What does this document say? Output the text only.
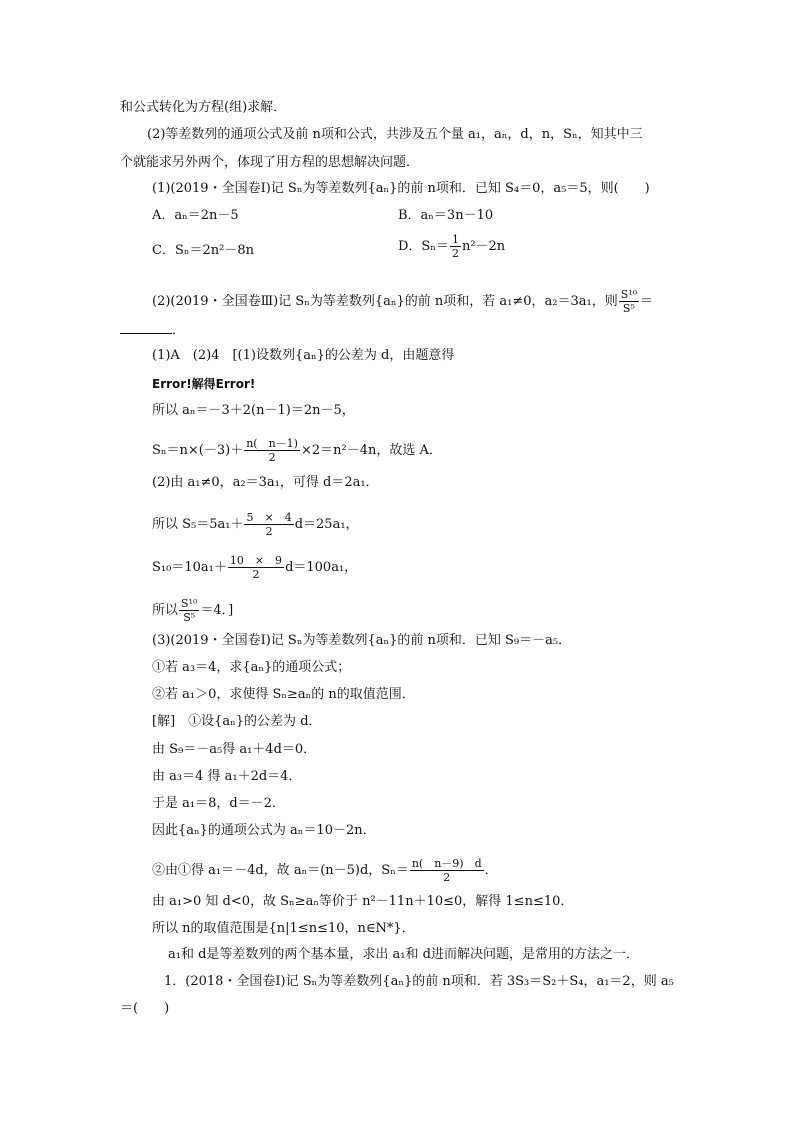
和公式转化为方程(组)求解．
(2)等差数列的通项公式及前 n项和公式，共涉及五个量 a₁，aₙ，d，n，Sₙ，知其中三
个就能求另外两个，体现了用方程的思想解决问题．
(1)(2019・全国卷Ⅰ)记 Sₙ为等差数列{aₙ}的前 n项和．已知 S₄＝0，a₅＝5，则(　　)
A．aₙ＝2n－5	B．aₙ＝3n－10
C．Sₙ＝2n²－8n	D．$S_n= \frac{1}{2} n^2-2n$
(2)(2019・全国卷Ⅲ)记 Sₙ为等差数列{aₙ}的前 n项和，若 a₁≠0，a₂＝3a₁，则 $\frac{\text{S¹⁰}}{\text{S⁵}}$ ＝
．
(1)A　(2)4　[(1)设数列{aₙ}的公差为 d，由题意得
Error!解得Error!
所以 aₙ＝－3＋2(n－1)＝2n－5，
$S_n=n\times(-3)+ \frac{n( n-1)}{2} \times 2=n^2-4n$，故选 A．
(2)由 a₁≠0，a₂＝3a₁，可得 d＝2a₁．
所以 $S_5=5a_1+ \frac{5 \times 4}{2} d=25a_1$，
$S_{10}=10a_1+ \frac{10 \times 9}{2} d=100a_1$，
所以 $\frac{\text{S¹⁰}}{\text{S⁵}} =4$．]
(3)(2019・全国卷Ⅰ)记 Sₙ为等差数列{aₙ}的前 n项和．已知 S₉＝－a₅．
①若 a₃＝4，求{aₙ}的通项公式；
②若 a₁＞0，求使得 Sₙ≥aₙ的 n的取值范围．
[解]　①设{aₙ}的公差为 d．
由 S₉＝－a₅得 a₁＋4d＝0．
由 a₃＝4 得 a₁＋2d＝4．
于是 a₁＝8，d＝－2．
因此{aₙ}的通项公式为 aₙ＝10－2n．
②由①得 a₁＝－4d，故 aₙ＝(n－5)d，$S_n= \frac{n( n-9) d}{2}$ ．
由 a₁>0 知 d<0，故 Sₙ≥aₙ等价于 n²－11n＋10≤0，解得 1≤n≤10．
所以 n的取值范围是{n|1≤n≤10，n∈N*}．
a₁和 d是等差数列的两个基本量，求出 a₁和 d进而解决问题，是常用的方法之一．
1．(2018・全国卷Ⅰ)记 Sₙ为等差数列{aₙ}的前 n项和．若 3S₃＝S₂＋S₄，a₁＝2，则 a₅
＝(　　)
